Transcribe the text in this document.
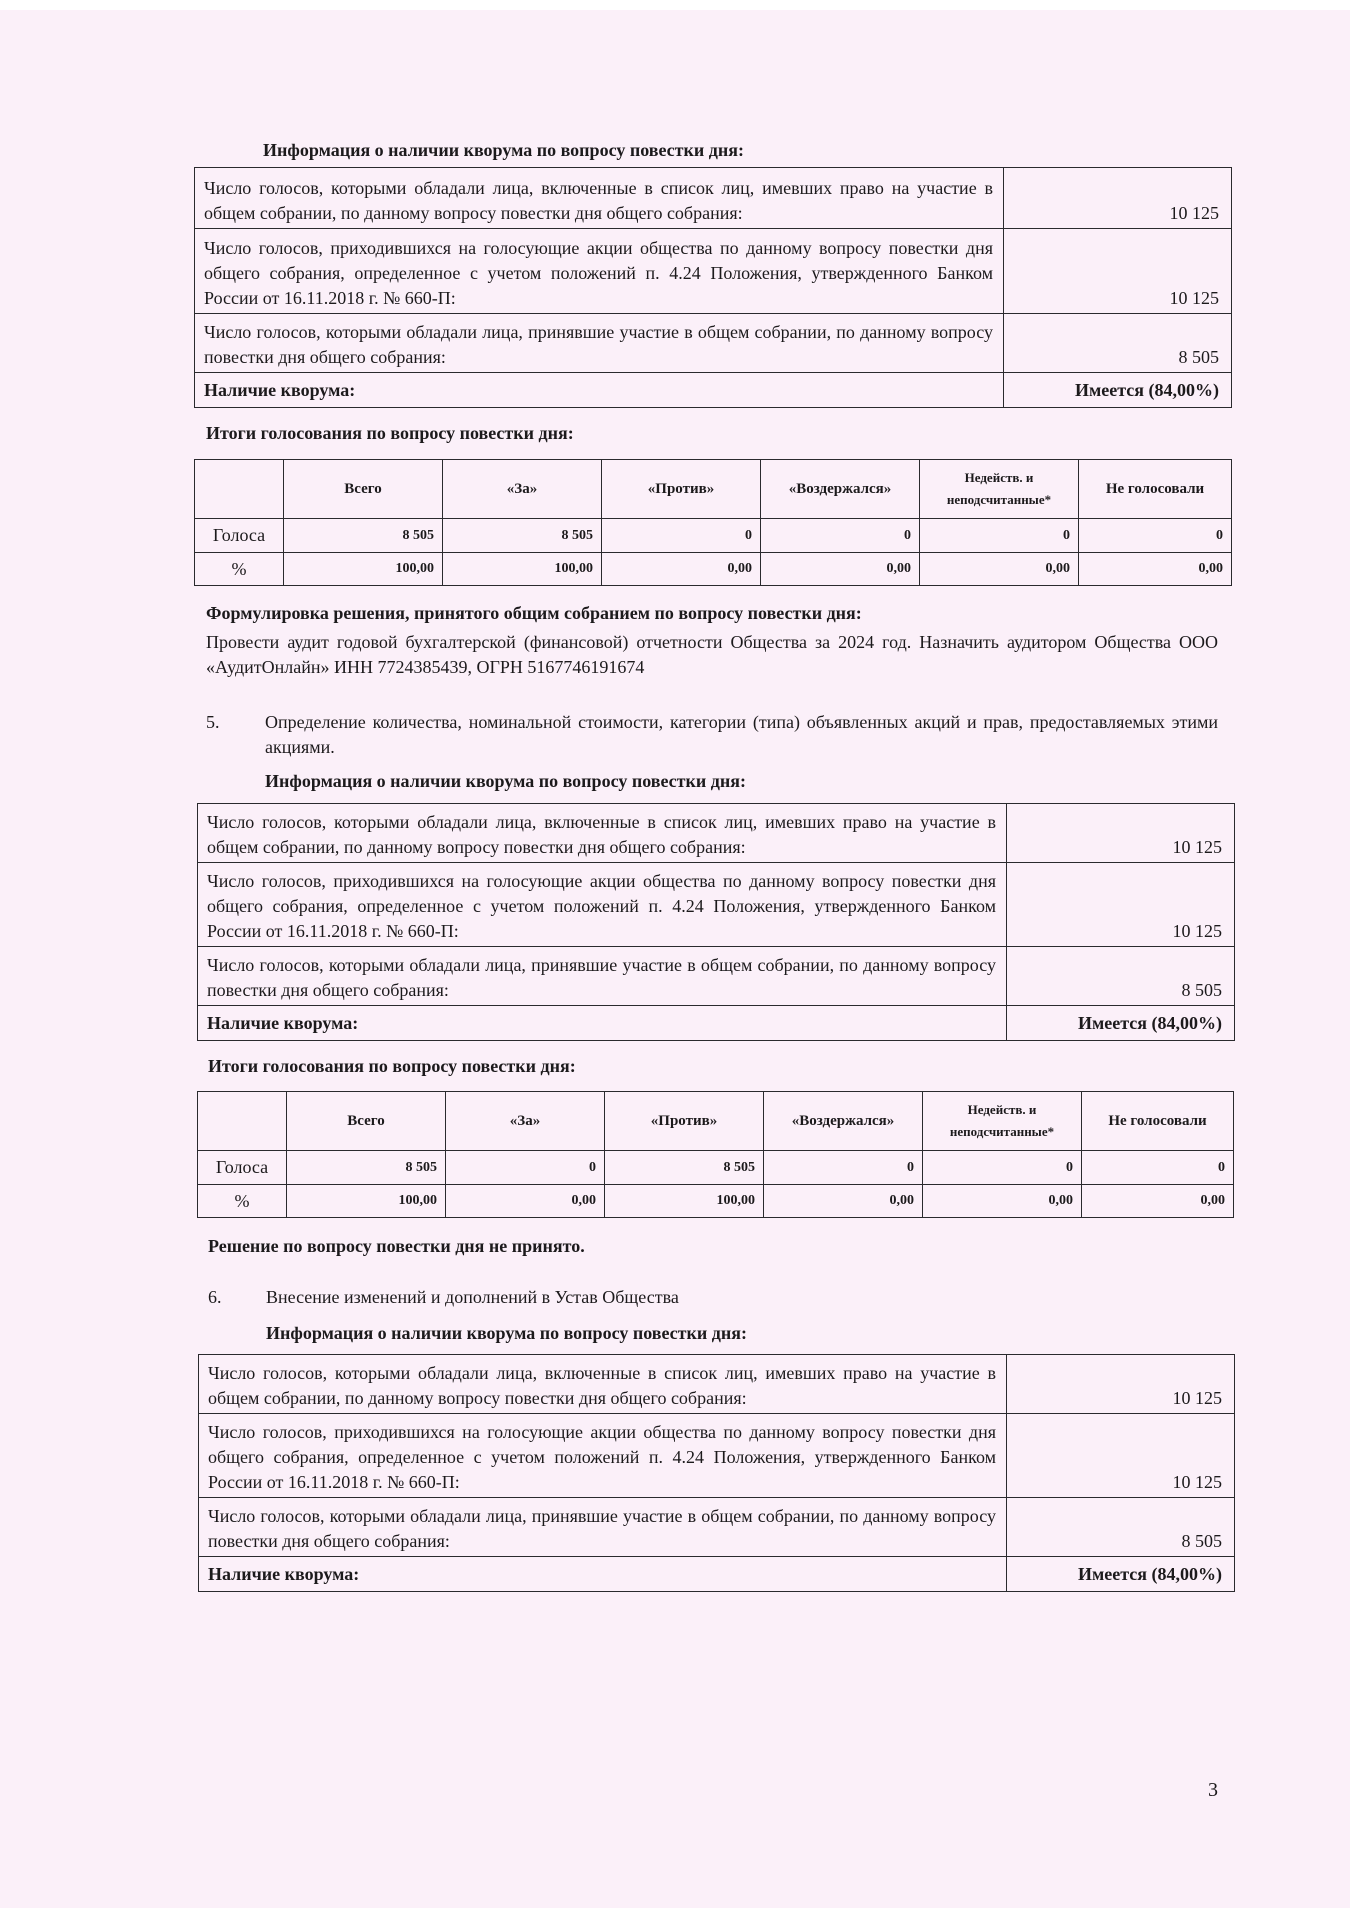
Информация о наличии кворума по вопросу повестки дня:
Число голосов, которыми обладали лица, включенные в список лиц, имевших право на участие в общем собрании, по данному вопросу повестки дня общего собрания:	10 125
Число голосов, приходившихся на голосующие акции общества по данному вопросу повестки дня общего собрания, определенное с учетом положений п. 4.24 Положения, утвержденного Банком России от 16.11.2018 г. № 660-П:	10 125
Число голосов, которыми обладали лица, принявшие участие в общем собрании, по данному вопросу повестки дня общего собрания:	8 505
Наличие кворума:	Имеется (84,00%)
Итоги голосования по вопросу повестки дня:
	Всего	«За»	«Против»	«Воздержался»	Недейств. и неподсчитанные*	Не голосовали
Голоса	8 505	8 505	0	0	0	0
%	100,00	100,00	0,00	0,00	0,00	0,00
Формулировка решения, принятого общим собранием по вопросу повестки дня:
Провести аудит годовой бухгалтерской (финансовой) отчетности Общества за 2024 год. Назначить аудитором Общества ООО «АудитОнлайн» ИНН 7724385439, ОГРН 5167746191674
5.	Определение количества, номинальной стоимости, категории (типа) объявленных акций и прав, предоставляемых этими акциями.
Информация о наличии кворума по вопросу повестки дня:
Число голосов, которыми обладали лица, включенные в список лиц, имевших право на участие в общем собрании, по данному вопросу повестки дня общего собрания:	10 125
Число голосов, приходившихся на голосующие акции общества по данному вопросу повестки дня общего собрания, определенное с учетом положений п. 4.24 Положения, утвержденного Банком России от 16.11.2018 г. № 660-П:	10 125
Число голосов, которыми обладали лица, принявшие участие в общем собрании, по данному вопросу повестки дня общего собрания:	8 505
Наличие кворума:	Имеется (84,00%)
Итоги голосования по вопросу повестки дня:
	Всего	«За»	«Против»	«Воздержался»	Недейств. и неподсчитанные*	Не голосовали
Голоса	8 505	0	8 505	0	0	0
%	100,00	0,00	100,00	0,00	0,00	0,00
Решение по вопросу повестки дня не принято.
6. Внесение изменений и дополнений в Устав Общества
Информация о наличии кворума по вопросу повестки дня:
Число голосов, которыми обладали лица, включенные в список лиц, имевших право на участие в общем собрании, по данному вопросу повестки дня общего собрания:	10 125
Число голосов, приходившихся на голосующие акции общества по данному вопросу повестки дня общего собрания, определенное с учетом положений п. 4.24 Положения, утвержденного Банком России от 16.11.2018 г. № 660-П:	10 125
Число голосов, которыми обладали лица, принявшие участие в общем собрании, по данному вопросу повестки дня общего собрания:	8 505
Наличие кворума:	Имеется (84,00%)
3
